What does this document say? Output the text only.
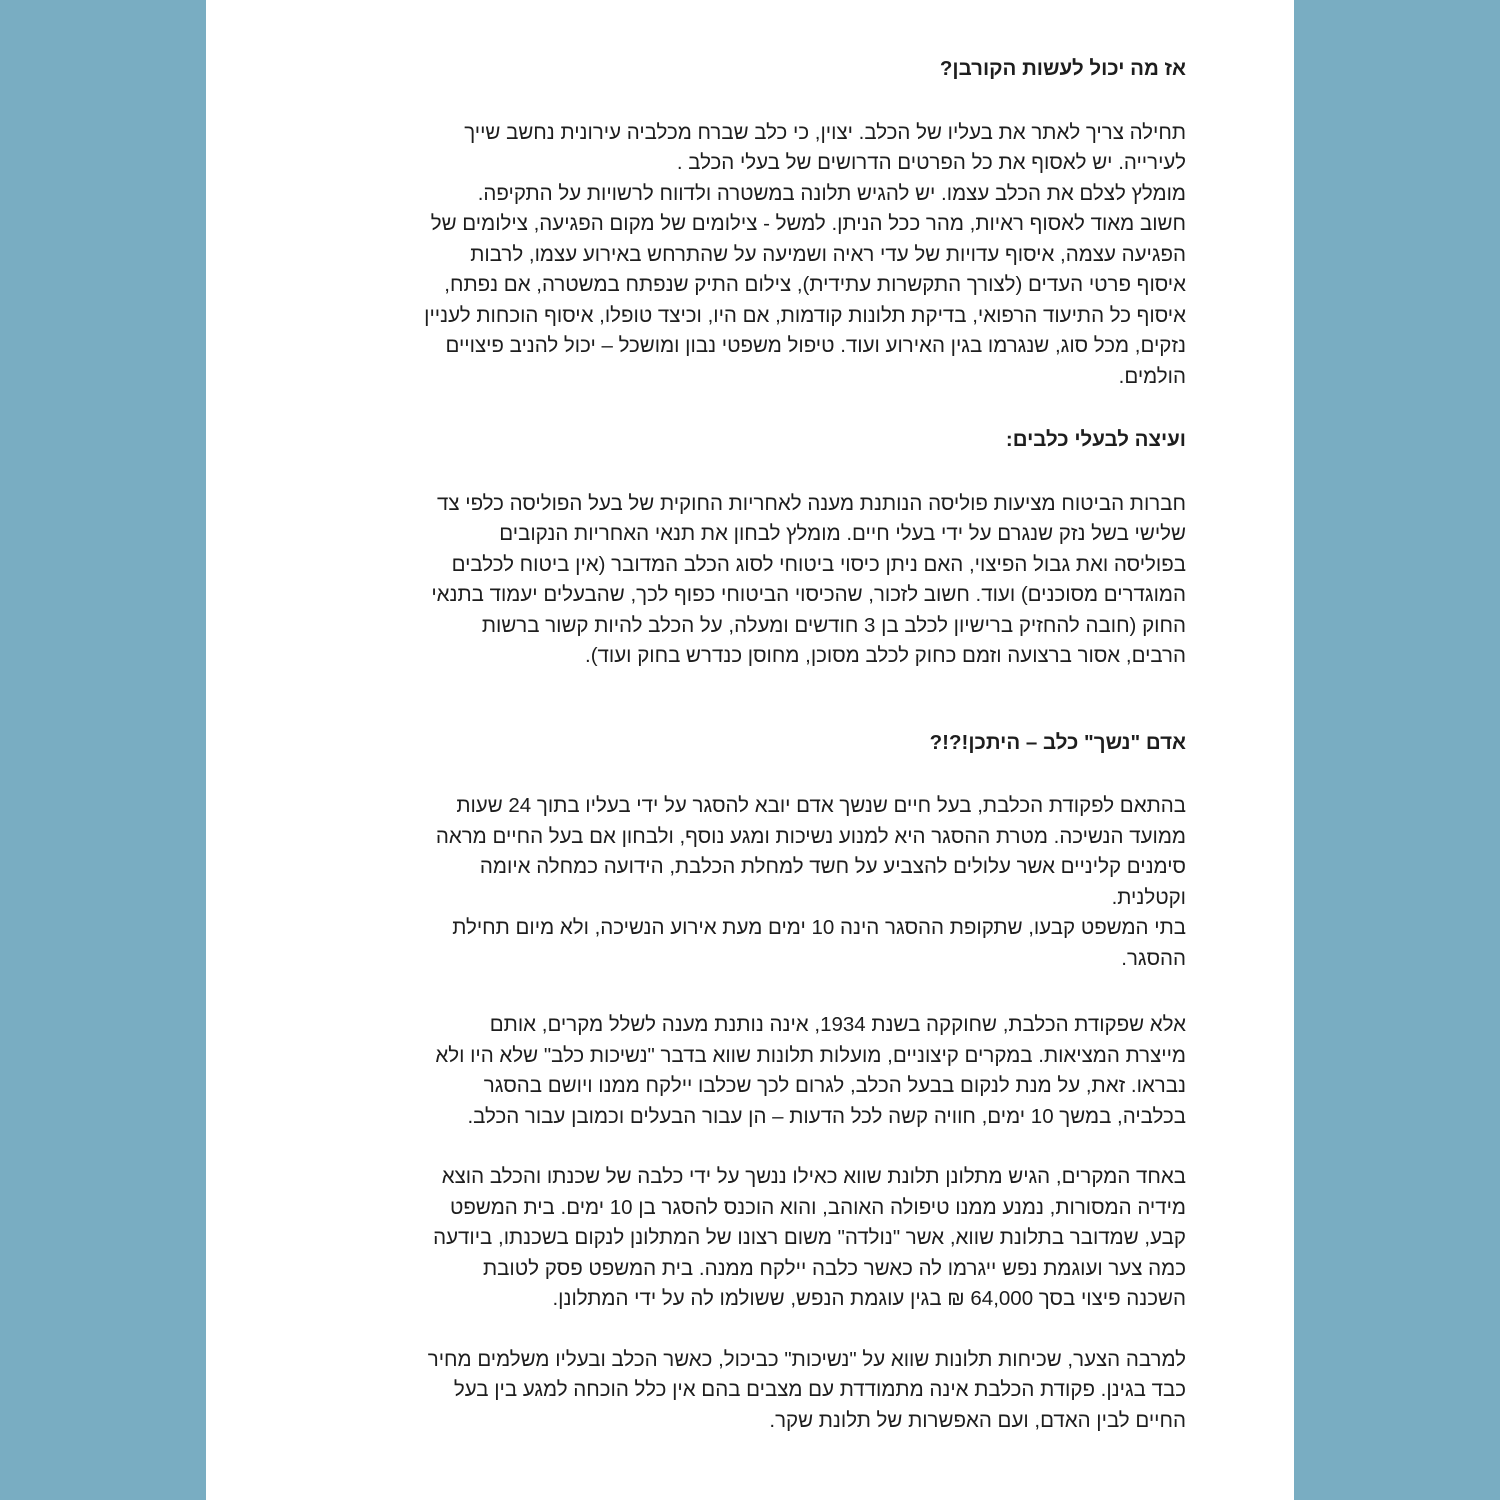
אז מה יכול לעשות הקורבן?

תחילה צריך לאתר את בעליו של הכלב. יצוין, כי כלב שברח מכלביה עירונית נחשב שייך
לעירייה. יש לאסוף את כל הפרטים הדרושים של בעלי הכלב .
מומלץ לצלם את הכלב עצמו. יש להגיש תלונה במשטרה ולדווח לרשויות על התקיפה.
חשוב מאוד לאסוף ראיות, מהר ככל הניתן. למשל - צילומים של מקום הפגיעה, צילומים של
הפגיעה עצמה, איסוף עדויות של עדי ראיה ושמיעה על שהתרחש באירוע עצמו, לרבות
איסוף פרטי העדים (לצורך התקשרות עתידית), צילום התיק שנפתח במשטרה, אם נפתח,
איסוף כל התיעוד הרפואי, בדיקת תלונות קודמות, אם היו, וכיצד טופלו, איסוף הוכחות לעניין
נזקים, מכל סוג, שנגרמו בגין האירוע ועוד. טיפול משפטי נבון ומושכל – יכול להניב פיצויים
הולמים.

ועיצה לבעלי כלבים:

חברות הביטוח מציעות פוליסה הנותנת מענה לאחריות החוקית של בעל הפוליסה כלפי צד
שלישי בשל נזק שנגרם על ידי בעלי חיים. מומלץ לבחון את תנאי האחריות הנקובים
בפוליסה ואת גבול הפיצוי, האם ניתן כיסוי ביטוחי לסוג הכלב המדובר (אין ביטוח לכלבים
המוגדרים מסוכנים) ועוד. חשוב לזכור, שהכיסוי הביטוחי כפוף לכך, שהבעלים יעמוד בתנאי
החוק (חובה להחזיק ברישיון לכלב בן 3 חודשים ומעלה, על הכלב להיות קשור ברשות
הרבים, אסור ברצועה וזמם כחוק לכלב מסוכן, מחוסן כנדרש בחוק ועוד).

אדם "נשך" כלב – היתכן!?!?

בהתאם לפקודת הכלבת, בעל חיים שנשך אדם יובא להסגר על ידי בעליו בתוך 24 שעות
ממועד הנשיכה. מטרת ההסגר היא למנוע נשיכות ומגע נוסף, ולבחון אם בעל החיים מראה
סימנים קליניים אשר עלולים להצביע על חשד למחלת הכלבת, הידועה כמחלה איומה
וקטלנית.
בתי המשפט קבעו, שתקופת ההסגר הינה 10 ימים מעת אירוע הנשיכה, ולא מיום תחילת
ההסגר.

אלא שפקודת הכלבת, שחוקקה בשנת 1934, אינה נותנת מענה לשלל מקרים, אותם
מייצרת המציאות. במקרים קיצוניים, מועלות תלונות שווא בדבר "נשיכות כלב" שלא היו ולא
נבראו. זאת, על מנת לנקום בבעל הכלב, לגרום לכך שכלבו יילקח ממנו ויושם בהסגר
בכלביה, במשך 10 ימים, חוויה קשה לכל הדעות – הן עבור הבעלים וכמובן עבור הכלב.

באחד המקרים, הגיש מתלונן תלונת שווא כאילו ננשך על ידי כלבה של שכנתו והכלב הוצא
מידיה המסורות, נמנע ממנו טיפולה האוהב, והוא הוכנס להסגר בן 10 ימים. בית המשפט
קבע, שמדובר בתלונת שווא, אשר "נולדה" משום רצונו של המתלונן לנקום בשכנתו, ביודעה
כמה צער ועוגמת נפש ייגרמו לה כאשר כלבה יילקח ממנה. בית המשפט פסק לטובת
השכנה פיצוי בסך 64,000 ₪ בגין עוגמת הנפש, ששולמו לה על ידי המתלונן.

למרבה הצער, שכיחות תלונות שווא על "נשיכות" כביכול, כאשר הכלב ובעליו משלמים מחיר
כבד בגינן. פקודת הכלבת אינה מתמודדת עם מצבים בהם אין כלל הוכחה למגע בין בעל
החיים לבין האדם, ועם האפשרות של תלונת שקר.
